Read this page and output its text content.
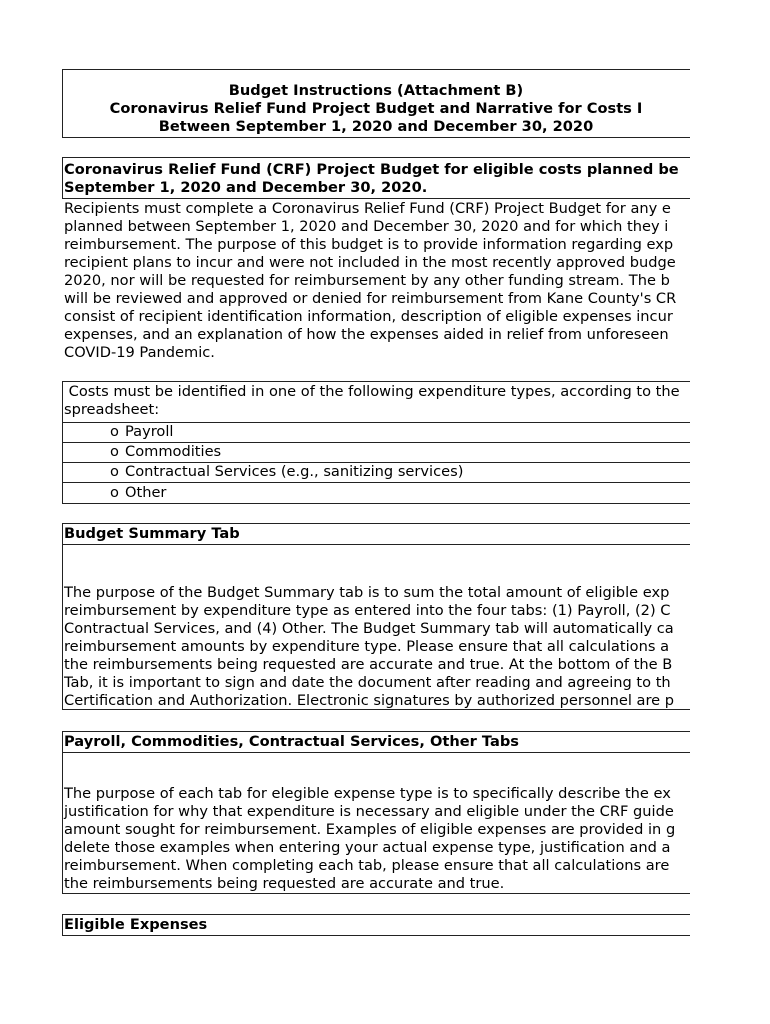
Budget Instructions (Attachment B)
Coronavirus Relief Fund Project Budget and Narrative for Costs I
Between September 1, 2020 and December 30, 2020
Coronavirus Relief Fund (CRF) Project Budget for eligible costs planned be
September 1, 2020 and December 30, 2020.
Recipients must complete a Coronavirus Relief Fund (CRF) Project Budget for any e
planned between September 1, 2020 and December 30, 2020 and for which they i
reimbursement. The purpose of this budget is to provide information regarding exp
recipient plans to incur and were not included in the most recently approved budge
2020, nor will be requested for reimbursement by any other funding stream. The b
will be reviewed and approved or denied for reimbursement from Kane County's CR
consist of recipient identification information, description of eligible expenses incur
expenses, and an explanation of how the expenses aided in relief from unforeseen
COVID-19 Pandemic.
Costs must be identified in one of the following expenditure types, according to the
spreadsheet:
o Payroll
o Commodities
o Contractual Services (e.g., sanitizing services)
o Other
Budget Summary Tab
The purpose of the Budget Summary tab is to sum the total amount of eligible exp
reimbursement by expenditure type as entered into the four tabs: (1) Payroll, (2) C
Contractual Services, and (4) Other. The Budget Summary tab will automatically ca
reimbursement amounts by expenditure type. Please ensure that all calculations a
the reimbursements being requested are accurate and true. At the bottom of the B
Tab, it is important to sign and date the document after reading and agreeing to th
Certification and Authorization. Electronic signatures by authorized personnel are p
Payroll, Commodities, Contractual Services, Other Tabs
The purpose of each tab for elegible expense type is to specifically describe the ex
justification for why that expenditure is necessary and eligible under the CRF guide
amount sought for reimbursement. Examples of eligible expenses are provided in g
delete those examples when entering your actual expense type, justification and a
reimbursement. When completing each tab, please ensure that all calculations are
the reimbursements being requested are accurate and true.
Eligible Expenses
